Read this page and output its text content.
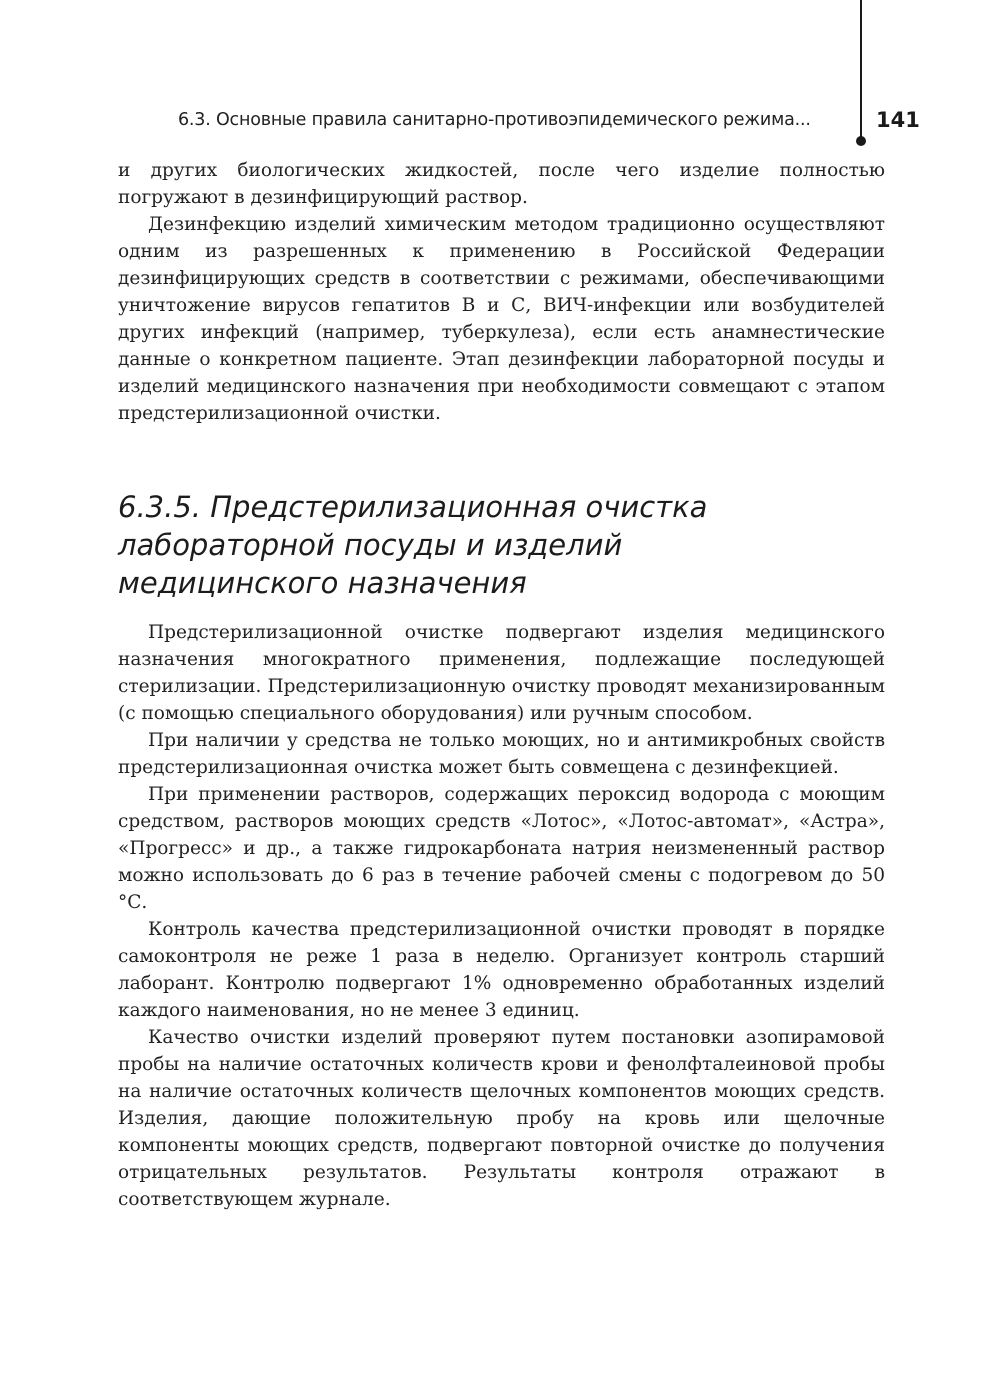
6.3. Основные правила санитарно-противоэпидемического режима...	141

и других биологических жидкостей, после чего изделие полностью погружают в дезинфицирующий раствор.

Дезинфекцию изделий химическим методом традиционно осуществляют одним из разрешенных к применению в Российской Федерации дезинфицирующих средств в соответствии с режимами, обеспечивающими уничтожение вирусов гепатитов В и С, ВИЧ-инфекции или возбудителей других инфекций (например, туберкулеза), если есть анамнестические данные о конкретном пациенте. Этап дезинфекции лабораторной посуды и изделий медицинского назначения при необходимости совмещают с этапом предстерилизационной очистки.

6.3.5. Предстерилизационная очистка
лабораторной посуды и изделий
медицинского назначения

Предстерилизационной очистке подвергают изделия медицинского назначения многократного применения, подлежащие последующей стерилизации. Предстерилизационную очистку проводят механизированным (с помощью специального оборудования) или ручным способом.

При наличии у средства не только моющих, но и антимикробных свойств предстерилизационная очистка может быть совмещена с дезинфекцией.

При применении растворов, содержащих пероксид водорода с моющим средством, растворов моющих средств «Лотос», «Лотос-автомат», «Астра», «Прогресс» и др., а также гидрокарбоната натрия неизмененный раствор можно использовать до 6 раз в течение рабочей смены с подогревом до 50 °С.

Контроль качества предстерилизационной очистки проводят в порядке самоконтроля не реже 1 раза в неделю. Организует контроль старший лаборант. Контролю подвергают 1% одновременно обработанных изделий каждого наименования, но не менее 3 единиц.

Качество очистки изделий проверяют путем постановки азопирамовой пробы на наличие остаточных количеств крови и фенолфталеиновой пробы на наличие остаточных количеств щелочных компонентов моющих средств. Изделия, дающие положительную пробу на кровь или щелочные компоненты моющих средств, подвергают повторной очистке до получения отрицательных результатов. Результаты контроля отражают в соответствующем журнале.
